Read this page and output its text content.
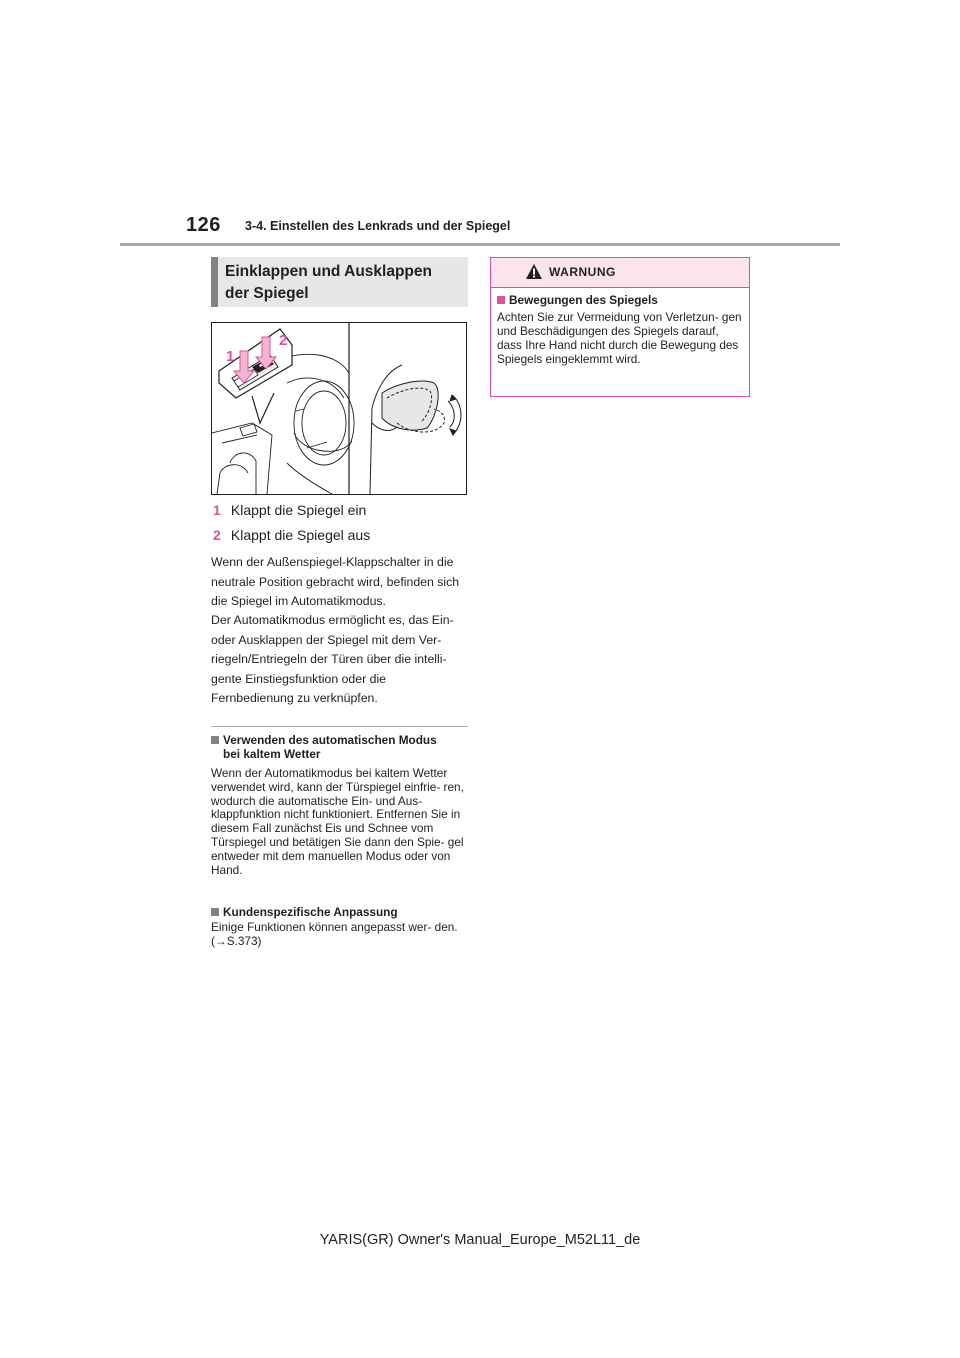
126 3-4. Einstellen des Lenkrads und der Spiegel
Einklappen und Ausklappen
der Spiegel
1
2
1 Klappt die Spiegel ein
2 Klappt die Spiegel aus
Wenn der Außenspiegel-Klappschalter in die neutrale Position gebracht wird, befinden sich die Spiegel im Automatikmodus.
Der Automatikmodus ermöglicht es, das Ein- oder Ausklappen der Spiegel mit dem Ver- riegeln/Entriegeln der Türen über die intelli- gente Einstiegsfunktion oder die Fernbedienung zu verknüpfen.
Verwenden des automatischen Modus
bei kaltem Wetter
Wenn der Automatikmodus bei kaltem Wetter verwendet wird, kann der Türspiegel einfrie- ren, wodurch die automatische Ein- und Aus- klappfunktion nicht funktioniert. Entfernen Sie in diesem Fall zunächst Eis und Schnee vom Türspiegel und betätigen Sie dann den Spie- gel entweder mit dem manuellen Modus oder von Hand.
Kundenspezifische Anpassung
Einige Funktionen können angepasst wer- den. (→S.373)
WARNUNG
Bewegungen des Spiegels
Achten Sie zur Vermeidung von Verletzun- gen und Beschädigungen des Spiegels darauf, dass Ihre Hand nicht durch die Bewegung des Spiegels eingeklemmt wird.
YARIS(GR) Owner's Manual_Europe_M52L11_de
